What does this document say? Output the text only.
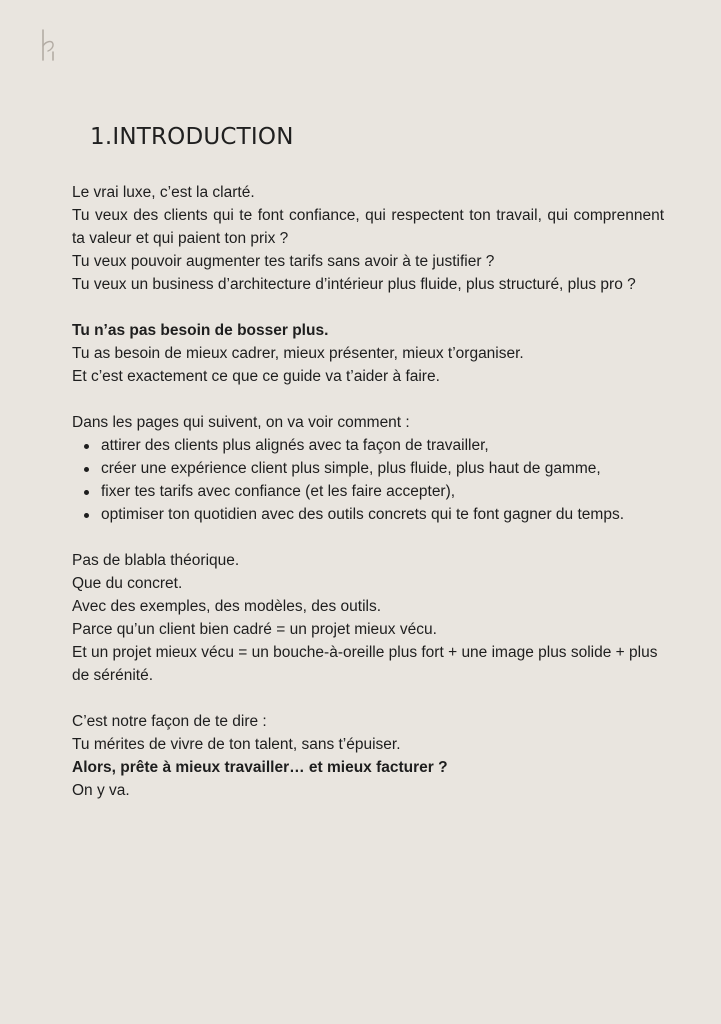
1.INTRODUCTION
Le vrai luxe, c’est la clarté.
Tu veux des clients qui te font confiance, qui respectent ton travail, qui comprennent ta valeur et qui paient ton prix ?
Tu veux pouvoir augmenter tes tarifs sans avoir à te justifier ?
Tu veux un business d’architecture d’intérieur plus fluide, plus structuré, plus pro ?
Tu n’as pas besoin de bosser plus.
Tu as besoin de mieux cadrer, mieux présenter, mieux t’organiser.
Et c’est exactement ce que ce guide va t’aider à faire.
Dans les pages qui suivent, on va voir comment :
attirer des clients plus alignés avec ta façon de travailler,
créer une expérience client plus simple, plus fluide, plus haut de gamme,
fixer tes tarifs avec confiance (et les faire accepter),
optimiser ton quotidien avec des outils concrets qui te font gagner du temps.
Pas de blabla théorique.
Que du concret.
Avec des exemples, des modèles, des outils.
Parce qu’un client bien cadré = un projet mieux vécu.
Et un projet mieux vécu = un bouche-à-oreille plus fort + une image plus solide + plus de sérénité.
C’est notre façon de te dire :
Tu mérites de vivre de ton talent, sans t’épuiser.
Alors, prête à mieux travailler… et mieux facturer ?
On y va.
